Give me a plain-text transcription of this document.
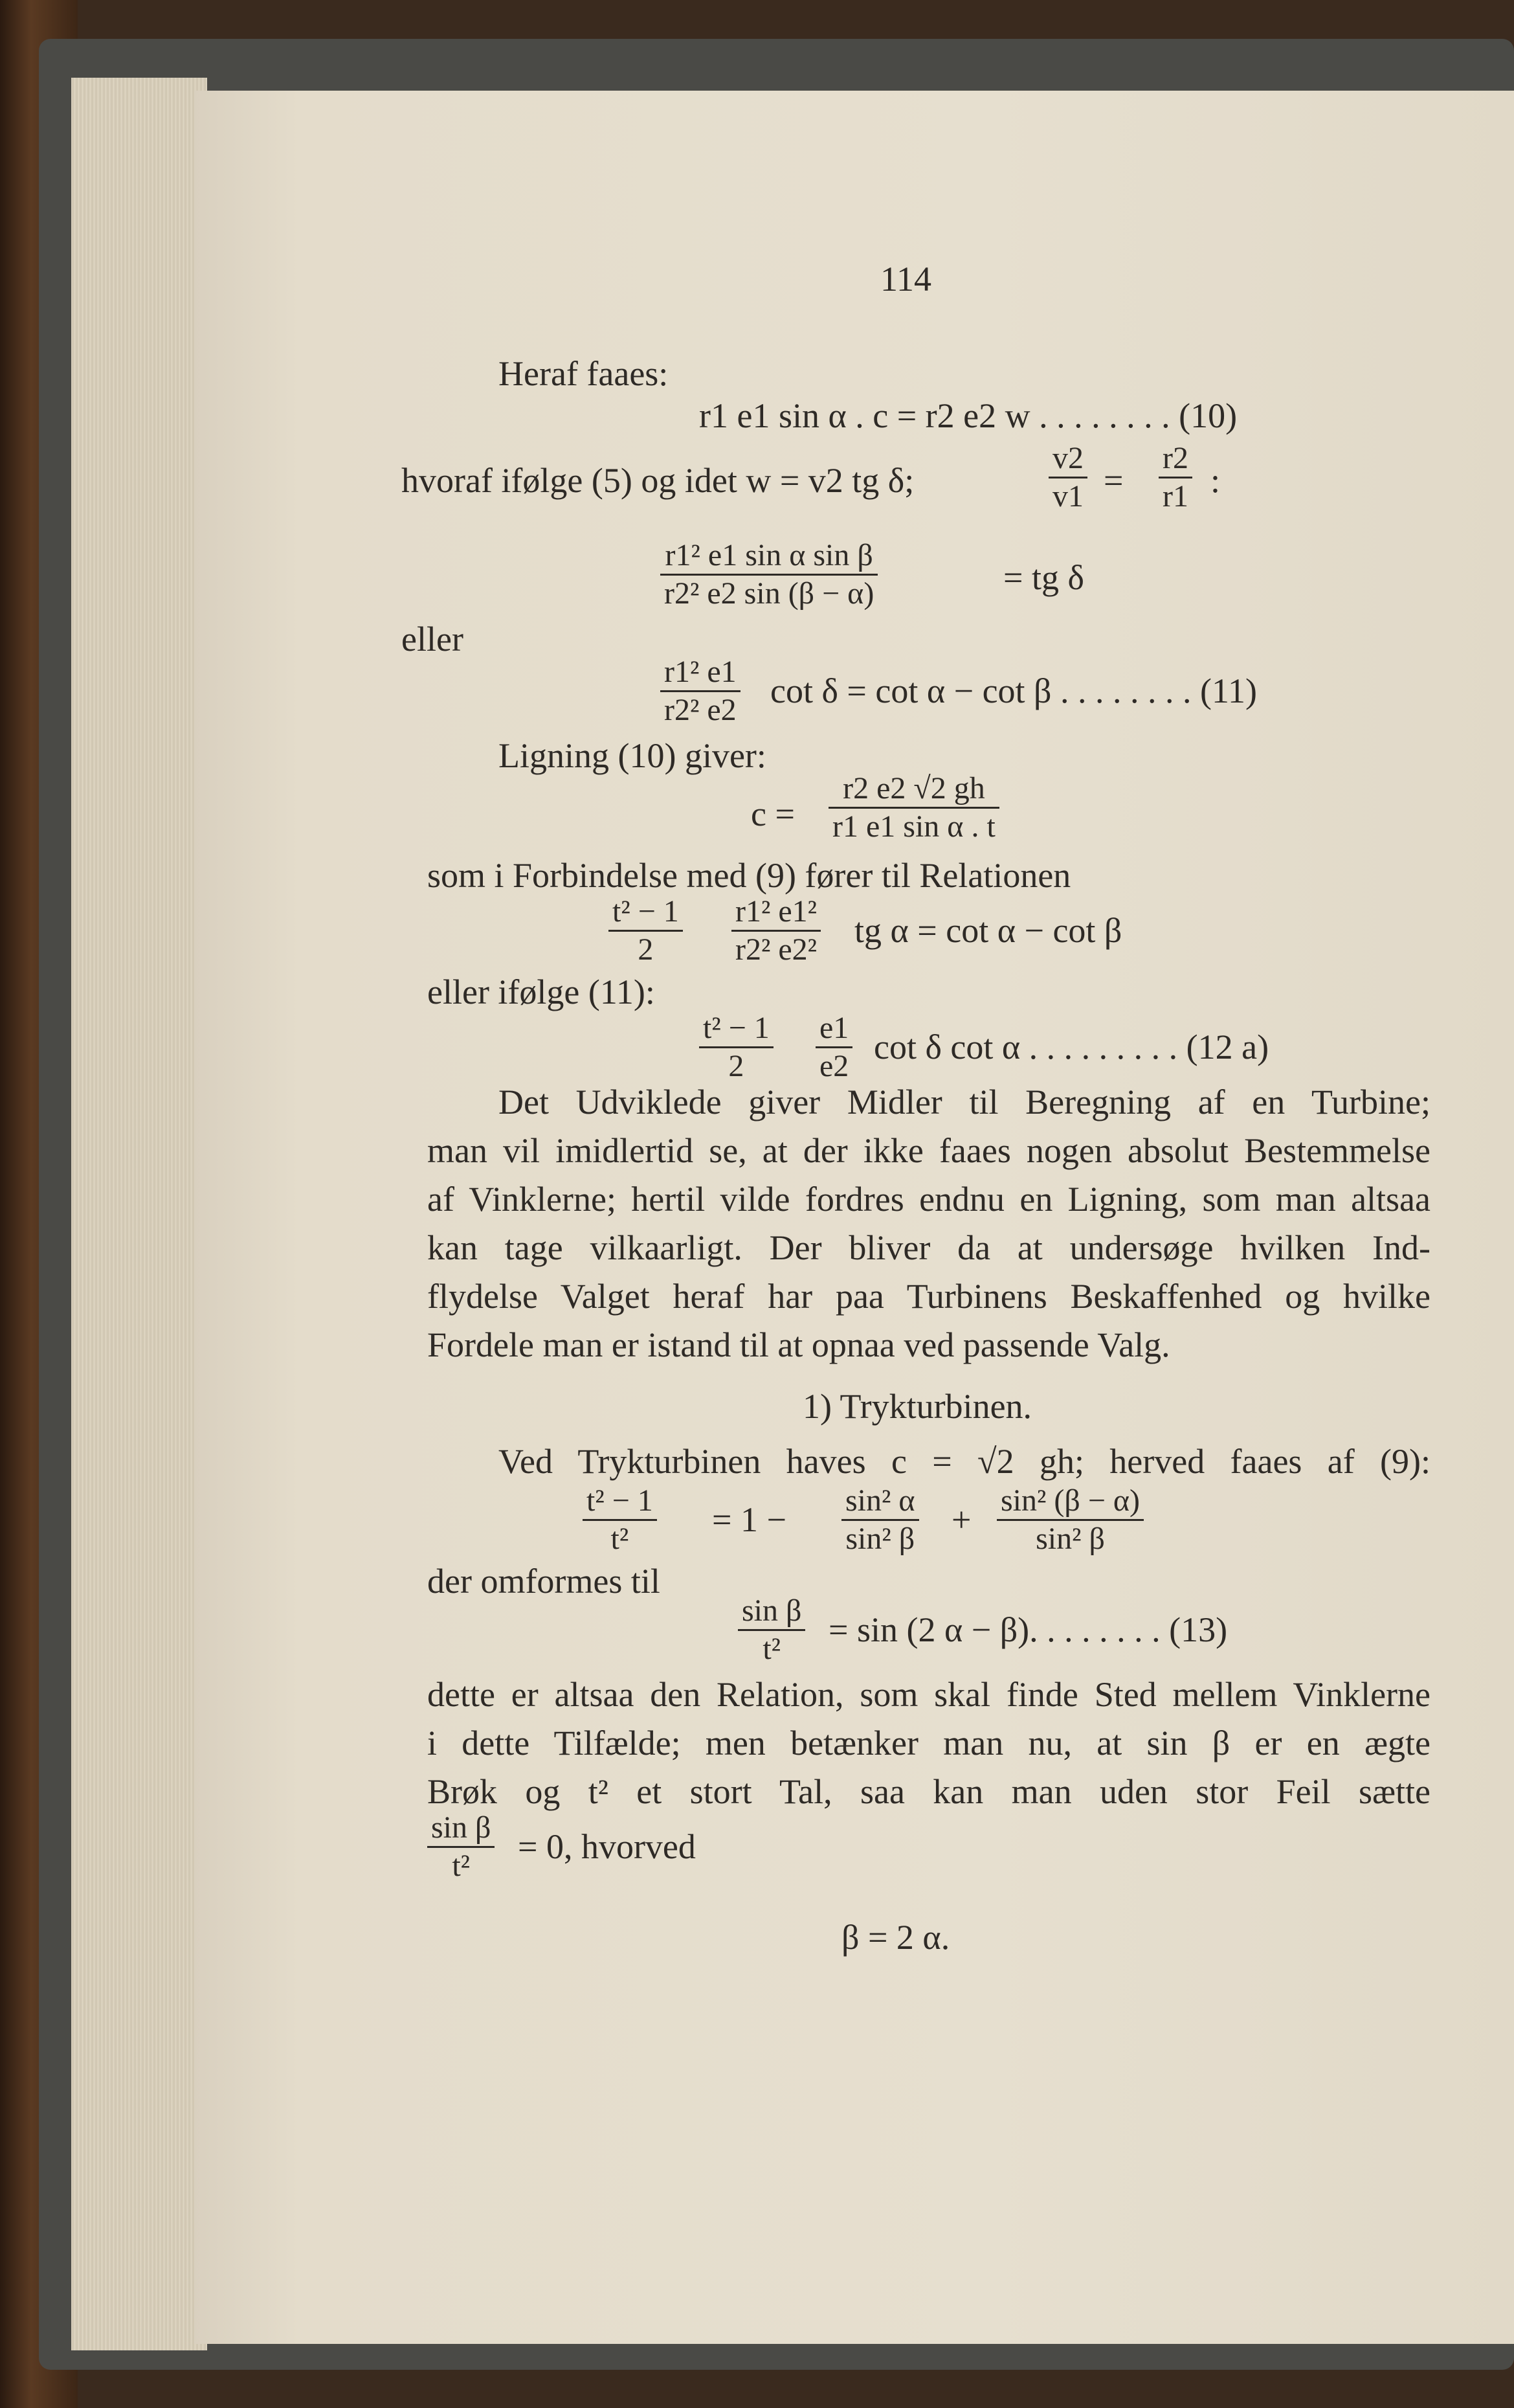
114
Heraf faaes:
r1 e1 sin α . c = r2 e2 w . . . . . . . . (10)
hvoraf ifølge (5) og idet w = v2 tg δ;	$\frac{v2}{v1} = \frac{r2}{r1}$ :
$\frac{\text{r1² e1 sin α sin β}}{\text{r2² e2 sin (β − α)}}$	= tg δ
eller
$\frac{\text{r1² e1}}{\text{r2² e2}}$ cot δ = cot α − cot β . . . . . . . . (11)
Ligning (10) giver:
$c = \frac{r2 e2 √2 gh}{\text{r1 e1 sin α . t}}$
som i Forbindelse med (9) fører til Relationen
$\frac{\text{t² − 1}}{2} \frac{\text{r1² e1²}}{\text{r2² e2²}}$ tg α = cot α − cot β
eller ifølge (11):
$\frac{\text{t² − 1}}{2} \frac{e1}{e2}$ cot δ cot α . . . . . . . . . (12 a)
Det Udviklede giver Midler til Beregning af en Turbine;
man vil imidlertid se, at der ikke faaes nogen absolut Bestemmelse
af Vinklerne; hertil vilde fordres endnu en Ligning, som man altsaa
kan tage vilkaarligt. Der bliver da at undersøge hvilken Ind-
flydelse Valget heraf har paa Turbinens Beskaffenhed og hvilke
Fordele man er istand til at opnaa ved passende Valg.
1) Trykturbinen.
Ved Trykturbinen haves c = √2 gh; herved faaes af (9):
$\frac{\text{t² − 1}}{\text{t²}} = 1 - \frac{\text{sin² α}}{\text{sin² β}} + \frac{\text{sin² (β − α)}}{\text{sin² β}}$
der omformes til
$\frac{\text{sin β}}{\text{t²}} = \sin (2$ α − β). . . . . . . . (13)
dette er altsaa den Relation, som skal finde Sted mellem Vinklerne
i dette Tilfælde; men betænker man nu, at sin β er en ægte
Brøk og t² et stort Tal, saa kan man uden stor Feil sætte
$\frac{\text{sin β}}{\text{t²}} = 0$, hvorved
β = 2 α.
